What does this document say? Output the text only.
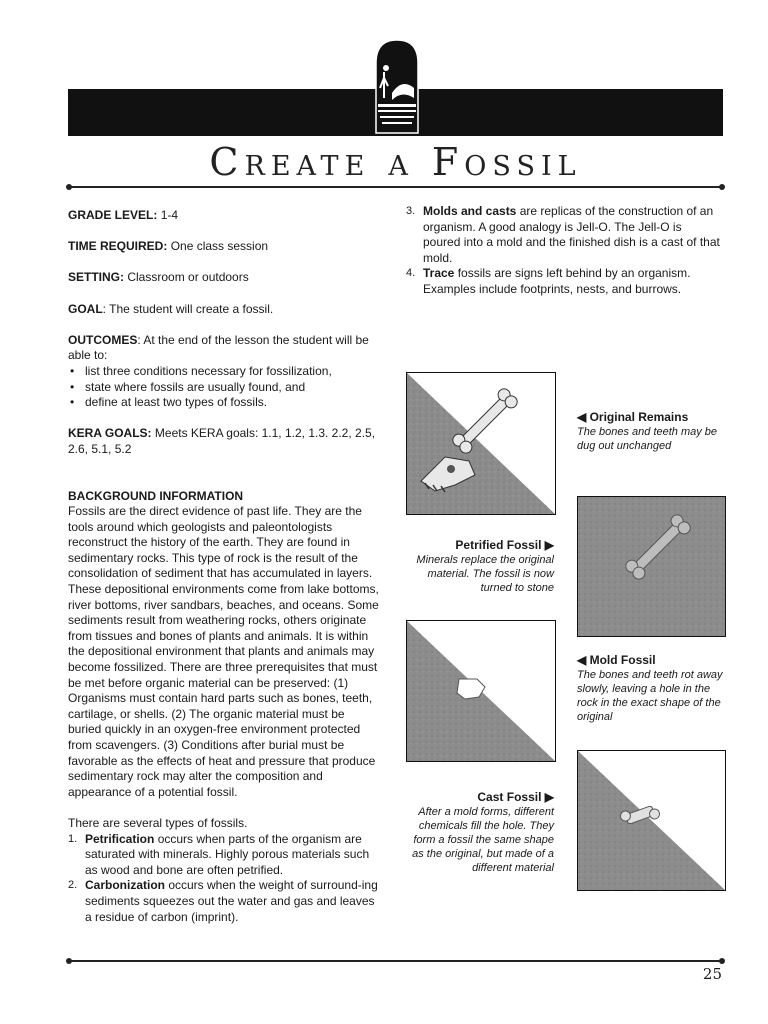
Create a Fossil

GRADE LEVEL: 1-4

TIME REQUIRED: One class session

SETTING: Classroom or outdoors

GOAL: The student will create a fossil.

OUTCOMES: At the end of the lesson the student will be able to:

• list three conditions necessary for fossilization,
• state where fossils are usually found, and
• define at least two types of fossils.

KERA GOALS: Meets KERA goals: 1.1, 1.2, 1.3. 2.2, 2.5, 2.6, 5.1, 5.2

BACKGROUND INFORMATION

Fossils are the direct evidence of past life. They are the tools around which geologists and paleontologists reconstruct the history of the earth. They are found in sedimentary rocks. This type of rock is the result of the consolidation of sediment that has accumulated in layers. These depositional environments come from lake bottoms, river bottoms, river sandbars, beaches, and oceans. Some sediments result from weathering rocks, others originate from tissues and bones of plants and animals. It is within the depositional environment that plants and animals may become fossilized. There are three prerequisites that must be met before organic material can be preserved: (1) Organisms must contain hard parts such as bones, teeth, cartilage, or shells. (2) The organic material must be buried quickly in an oxygen-free environment protected from scavengers. (3) Conditions after burial must be favorable as the effects of heat and pressure that produce sedimentary rock may alter the composition and appearance of a potential fossil.

There are several types of fossils.

1. Petrification occurs when parts of the organism are saturated with minerals. Highly porous materials such as wood and bone are often petrified.
2. Carbonization occurs when the weight of surround-ing sediments squeezes out the water and gas and leaves a residue of carbon (imprint).
3. Molds and casts are replicas of the construction of an organism. A good analogy is Jell-O. The Jell-O is poured into a mold and the finished dish is a cast of that mold.
4. Trace fossils are signs left behind by an organism. Examples include footprints, nests, and burrows.
◀ Original Remains
The bones and teeth may be dug out unchanged
Petrified Fossil ▶
Minerals replace the original material. The fossil is now turned to stone
◀ Mold Fossil
The bones and teeth rot away slowly, leaving a hole in the rock in the exact shape of the original
Cast Fossil ▶
After a mold forms, different chemicals fill the hole. They form a fossil the same shape as the original, but made of a different material
25
